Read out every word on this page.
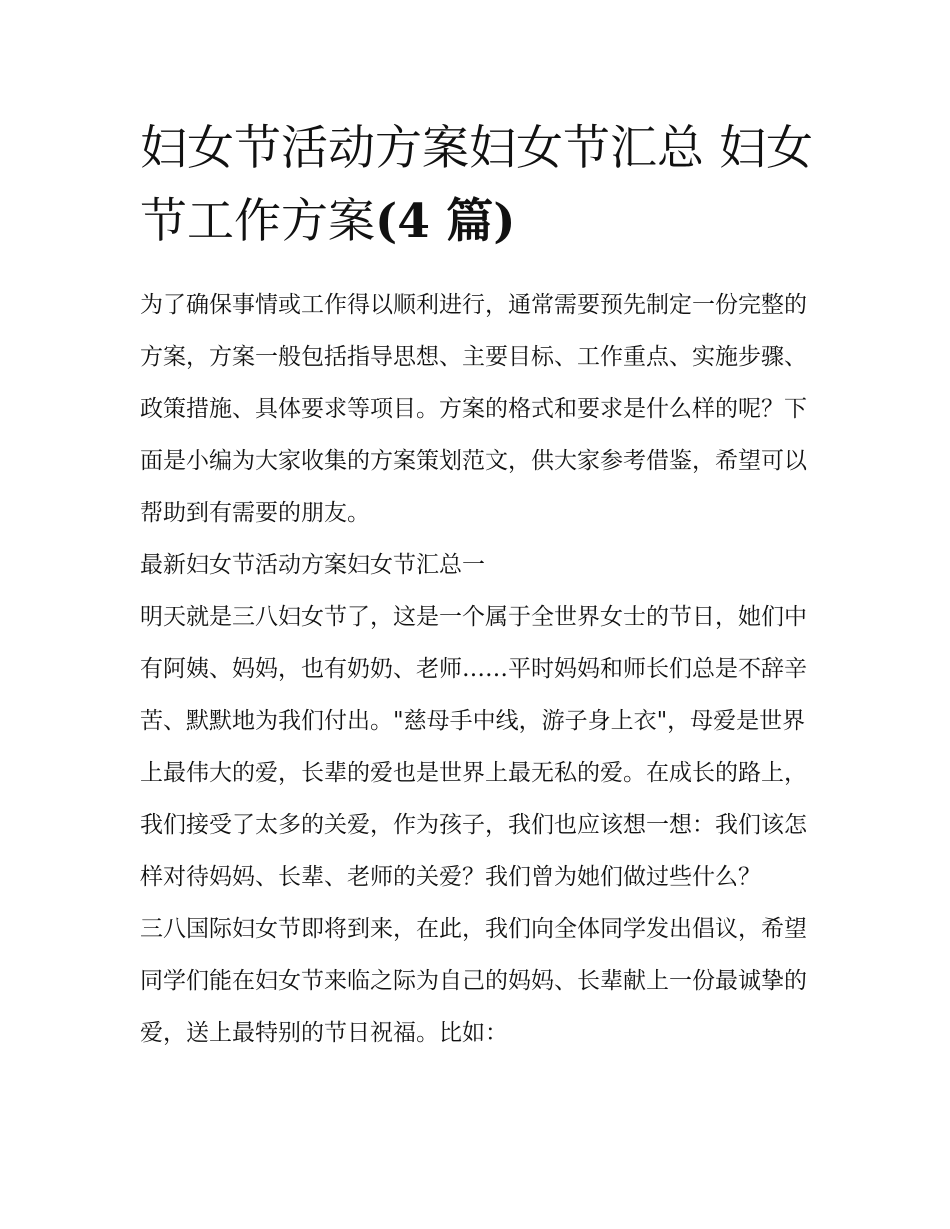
妇女节活动方案妇女节汇总 妇女节工作方案(4 篇)

为了确保事情或工作得以顺利进行，通常需要预先制定一份完整的方案，方案一般包括指导思想、主要目标、工作重点、实施步骤、政策措施、具体要求等项目。方案的格式和要求是什么样的呢？下面是小编为大家收集的方案策划范文，供大家参考借鉴，希望可以帮助到有需要的朋友。

最新妇女节活动方案妇女节汇总一

明天就是三八妇女节了，这是一个属于全世界女士的节日，她们中有阿姨、妈妈，也有奶奶、老师……平时妈妈和师长们总是不辞辛苦、默默地为我们付出。"慈母手中线，游子身上衣"，母爱是世界上最伟大的爱，长辈的爱也是世界上最无私的爱。在成长的路上，我们接受了太多的关爱，作为孩子，我们也应该想一想：我们该怎样对待妈妈、长辈、老师的关爱？我们曾为她们做过些什么？

三八国际妇女节即将到来，在此，我们向全体同学发出倡议，希望同学们能在妇女节来临之际为自己的妈妈、长辈献上一份最诚挚的爱，送上最特别的节日祝福。比如：
